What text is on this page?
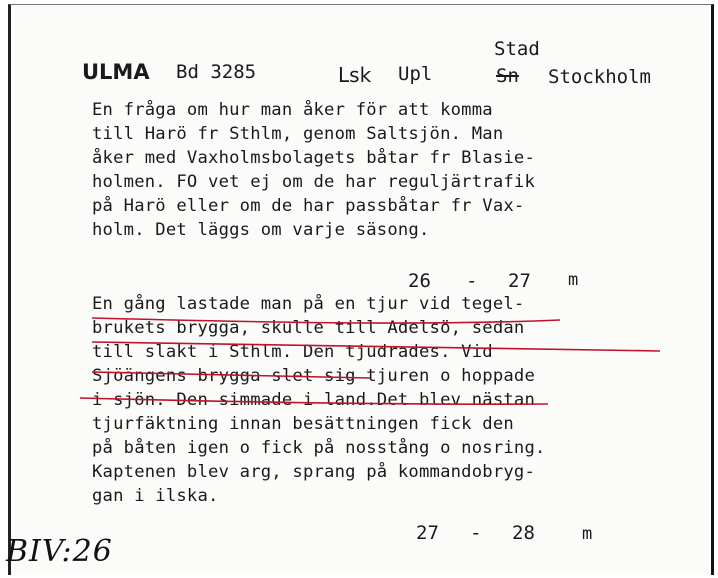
ULMA Bd 3285	Lsk Upl
Stad
Sn Stockholm
En fråga om hur man åker för att komma
till Harö fr Sthlm, genom Saltsjön. Man
åker med Vaxholmsbolagets båtar fr Blasie-
holmen. FO vet ej om de har reguljärtrafik
på Harö eller om de har passbåtar fr Vax-
holm. Det läggs om varje säsong.
26 - 27 m
En gång lastade man på en tjur vid tegel-
brukets brygga, skulle till Adelsö, sedan
till slakt i Sthlm. Den tjudrades. Vid
Sjöängens brygga slet sig tjuren o hoppade
i sjön. Den simmade i land.Det blev nästan
tjurfäktning innan besättningen fick den
på båten igen o fick på nosstång o nosring.
Kaptenen blev arg, sprang på kommandobryg-
gan i ilska.
27 - 28	m
BIV:26
